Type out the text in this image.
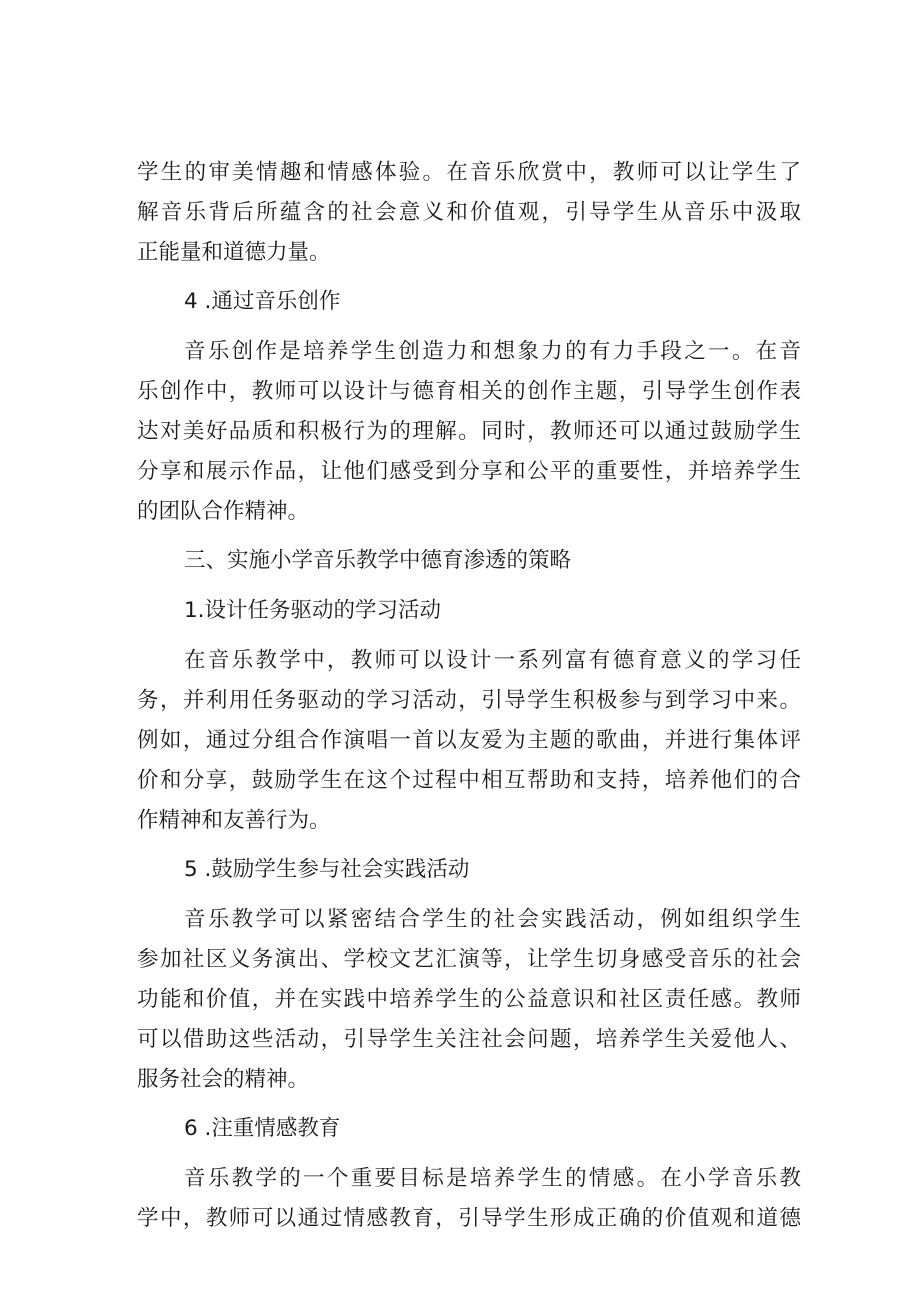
学生的审美情趣和情感体验。在音乐欣赏中，教师可以让学生了
解音乐背后所蕴含的社会意义和价值观，引导学生从音乐中汲取
正能量和道德力量。
4 .通过音乐创作
音乐创作是培养学生创造力和想象力的有力手段之一。在音
乐创作中，教师可以设计与德育相关的创作主题，引导学生创作表
达对美好品质和积极行为的理解。同时，教师还可以通过鼓励学生
分享和展示作品，让他们感受到分享和公平的重要性，并培养学生
的团队合作精神。
三、实施小学音乐教学中德育渗透的策略
1.设计任务驱动的学习活动
在音乐教学中，教师可以设计一系列富有德育意义的学习任
务，并利用任务驱动的学习活动，引导学生积极参与到学习中来。
例如，通过分组合作演唱一首以友爱为主题的歌曲，并进行集体评
价和分享，鼓励学生在这个过程中相互帮助和支持，培养他们的合
作精神和友善行为。
5 .鼓励学生参与社会实践活动
音乐教学可以紧密结合学生的社会实践活动，例如组织学生
参加社区义务演出、学校文艺汇演等，让学生切身感受音乐的社会
功能和价值，并在实践中培养学生的公益意识和社区责任感。教师
可以借助这些活动，引导学生关注社会问题，培养学生关爱他人、
服务社会的精神。
6 .注重情感教育
音乐教学的一个重要目标是培养学生的情感。在小学音乐教
学中，教师可以通过情感教育，引导学生形成正确的价值观和道德
